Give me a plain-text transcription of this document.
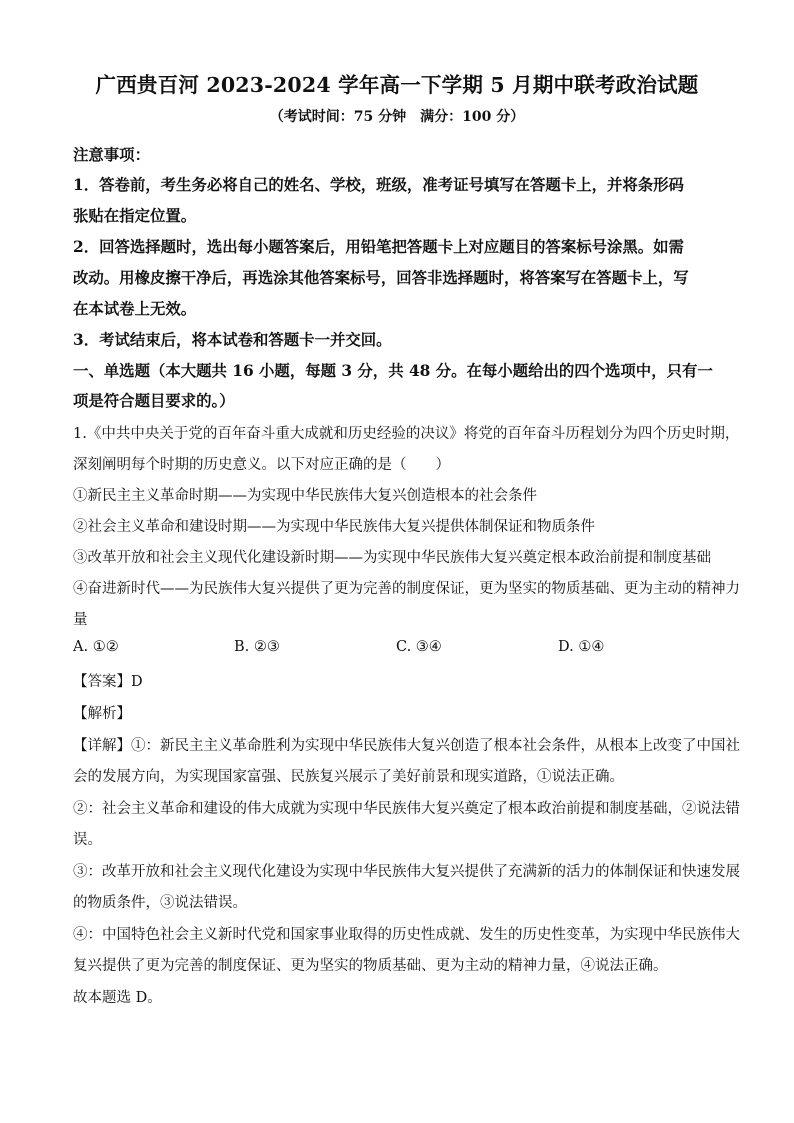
广西贵百河 2023-2024 学年高一下学期 5 月期中联考政治试题
（考试时间：75 分钟　满分：100 分）
注意事项：
1．答卷前，考生务必将自己的姓名、学校，班级，准考证号填写在答题卡上，并将条形码
张贴在指定位置。
2．回答选择题时，选出每小题答案后，用铅笔把答题卡上对应题目的答案标号涂黑。如需
改动。用橡皮擦干净后，再选涂其他答案标号，回答非选择题时，将答案写在答题卡上，写
在本试卷上无效。
3．考试结束后，将本试卷和答题卡一并交回。
一、单选题（本大题共 16 小题，每题 3 分，共 48 分。在每小题给出的四个选项中，只有一
项是符合题目要求的。）
1.《中共中央关于党的百年奋斗重大成就和历史经验的决议》将党的百年奋斗历程划分为四个历史时期，
深刻阐明每个时期的历史意义。以下对应正确的是（　　）
①新民主主义革命时期——为实现中华民族伟大复兴创造根本的社会条件
②社会主义革命和建设时期——为实现中华民族伟大复兴提供体制保证和物质条件
③改革开放和社会主义现代化建设新时期——为实现中华民族伟大复兴奠定根本政治前提和制度基础
④奋进新时代——为民族伟大复兴提供了更为完善的制度保证，更为坚实的物质基础、更为主动的精神力
量
A. ①②	B. ②③	C. ③④	D. ①④
【答案】D
【解析】
【详解】①：新民主主义革命胜利为实现中华民族伟大复兴创造了根本社会条件，从根本上改变了中国社
会的发展方向，为实现国家富强、民族复兴展示了美好前景和现实道路，①说法正确。
②：社会主义革命和建设的伟大成就为实现中华民族伟大复兴奠定了根本政治前提和制度基础，②说法错
误。
③：改革开放和社会主义现代化建设为实现中华民族伟大复兴提供了充满新的活力的体制保证和快速发展
的物质条件，③说法错误。
④：中国特色社会主义新时代党和国家事业取得的历史性成就、发生的历史性变革，为实现中华民族伟大
复兴提供了更为完善的制度保证、更为坚实的物质基础、更为主动的精神力量，④说法正确。
故本题选 D。
